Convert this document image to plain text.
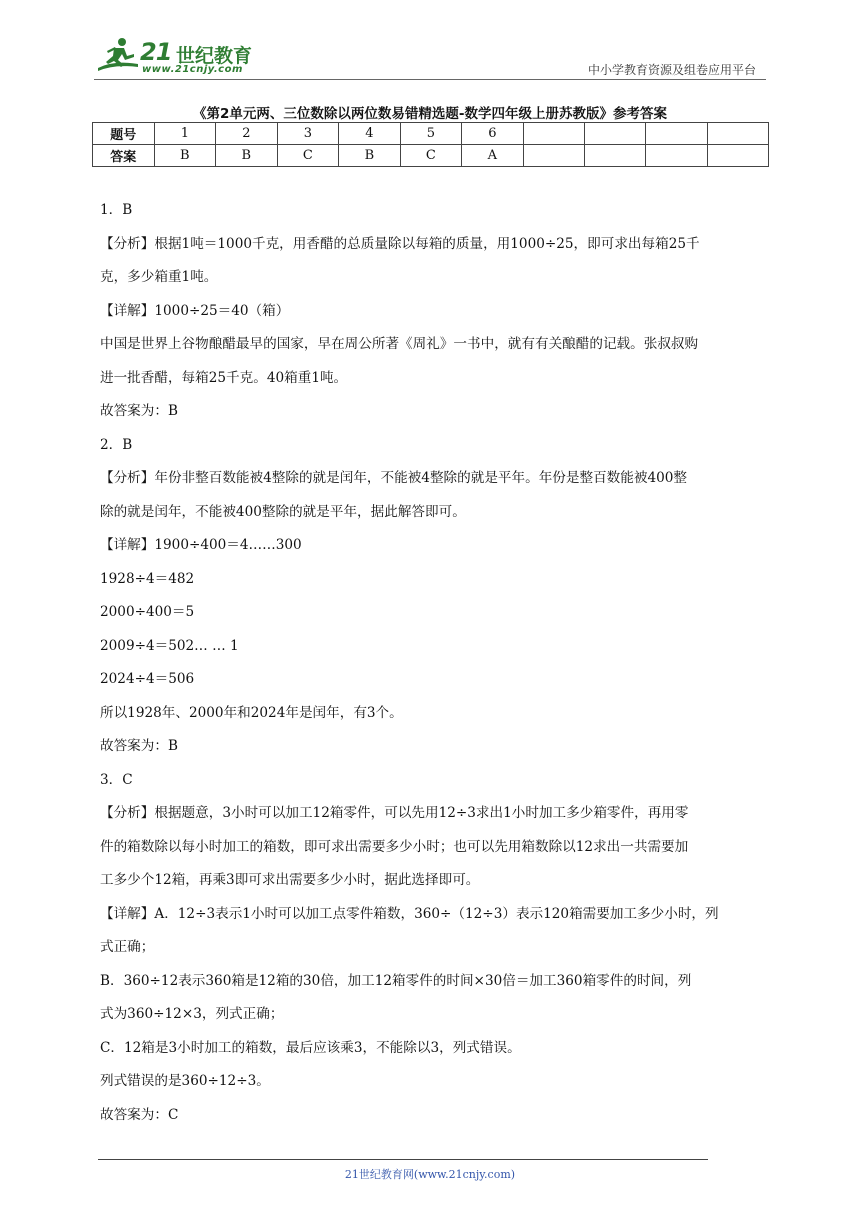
21 世纪教育
www.21cnjy.com	中小学教育资源及组卷应用平台
《第2单元两、三位数除以两位数易错精选题-数学四年级上册苏教版》参考答案
题号	1	2	3	4	5	6				
答案	B	B	C	B	C	A				

1．B

【分析】根据1吨＝1000千克，用香醋的总质量除以每箱的质量，用1000÷25，即可求出每箱25千

克，多少箱重1吨。

【详解】1000÷25＝40（箱）

中国是世界上谷物酿醋最早的国家，早在周公所著《周礼》一书中，就有有关酿醋的记载。张叔叔购

进一批香醋，每箱25千克。40箱重1吨。

故答案为：B

2．B

【分析】年份非整百数能被4整除的就是闰年，不能被4整除的就是平年。年份是整百数能被400整

除的就是闰年，不能被400整除的就是平年，据此解答即可。

【详解】1900÷400＝4……300

1928÷4＝482

2000÷400＝5

2009÷4＝502… … 1

2024÷4＝506

所以1928年、2000年和2024年是闰年，有3个。

故答案为：B

3．C

【分析】根据题意，3小时可以加工12箱零件，可以先用12÷3求出1小时加工多少箱零件，再用零

件的箱数除以每小时加工的箱数，即可求出需要多少小时；也可以先用箱数除以12求出一共需要加

工多少个12箱，再乘3即可求出需要多少小时，据此选择即可。

【详解】A．12÷3表示1小时可以加工点零件箱数，360÷（12÷3）表示120箱需要加工多少小时，列

式正确；

B．360÷12表示360箱是12箱的30倍，加工12箱零件的时间×30倍＝加工360箱零件的时间，列

式为360÷12×3，列式正确；

C．12箱是3小时加工的箱数，最后应该乘3，不能除以3，列式错误。

列式错误的是360÷12÷3。

故答案为：C

21世纪教育网(www.21cnjy.com)
